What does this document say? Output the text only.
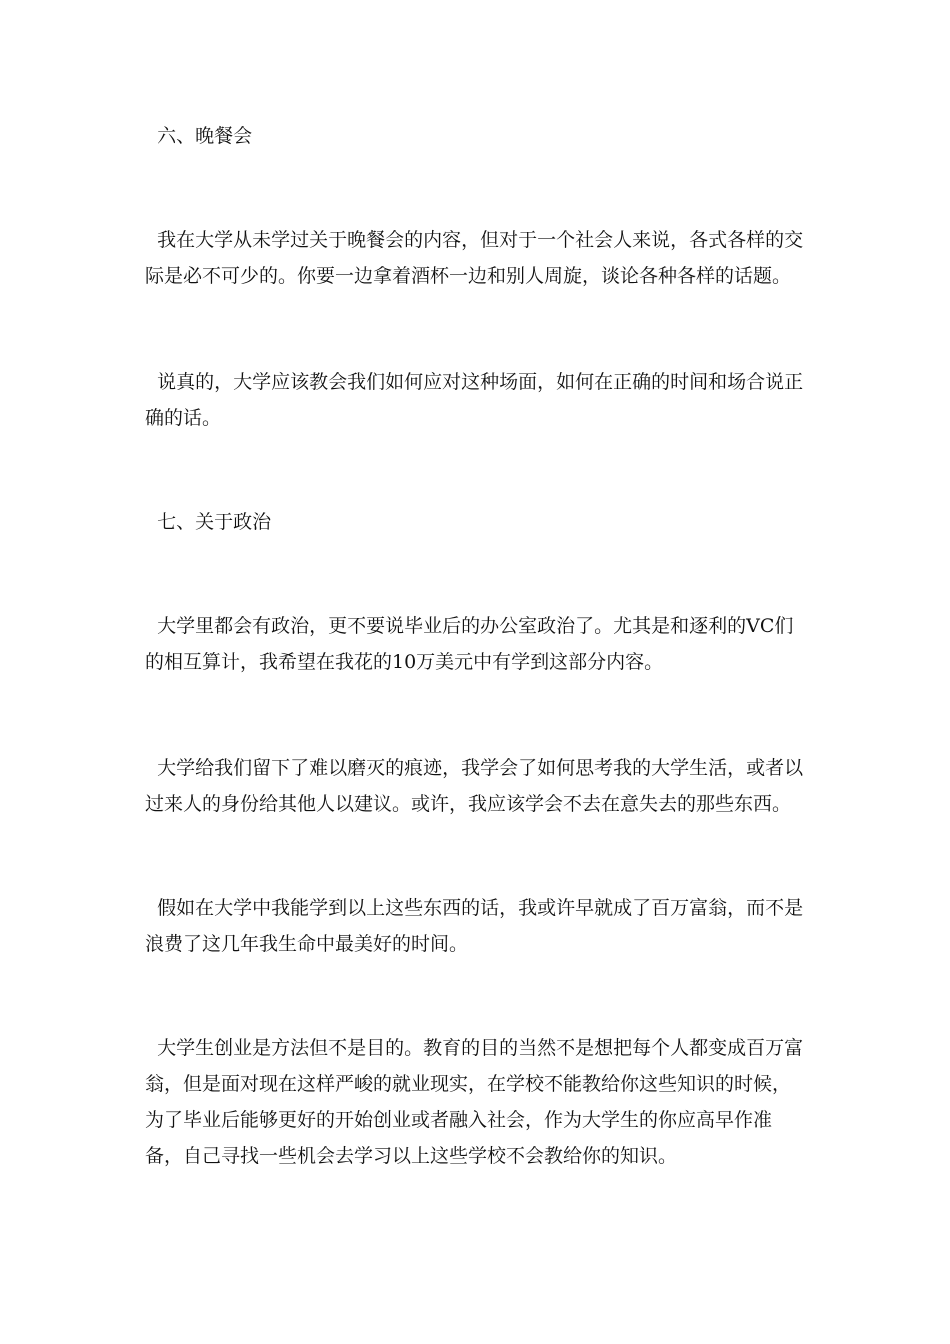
六、晚餐会

我在大学从未学过关于晚餐会的内容，但对于一个社会人来说，各式各样的交际是必不可少的。你要一边拿着酒杯一边和别人周旋，谈论各种各样的话题。

说真的，大学应该教会我们如何应对这种场面，如何在正确的时间和场合说正确的话。

七、关于政治

大学里都会有政治，更不要说毕业后的办公室政治了。尤其是和逐利的VC们的相互算计，我希望在我花的10万美元中有学到这部分内容。

大学给我们留下了难以磨灭的痕迹，我学会了如何思考我的大学生活，或者以过来人的身份给其他人以建议。或许，我应该学会不去在意失去的那些东西。

假如在大学中我能学到以上这些东西的话，我或许早就成了百万富翁，而不是浪费了这几年我生命中最美好的时间。

大学生创业是方法但不是目的。教育的目的当然不是想把每个人都变成百万富翁，但是面对现在这样严峻的就业现实，在学校不能教给你这些知识的时候，为了毕业后能够更好的开始创业或者融入社会，作为大学生的你应高早作准备，自己寻找一些机会去学习以上这些学校不会教给你的知识。
